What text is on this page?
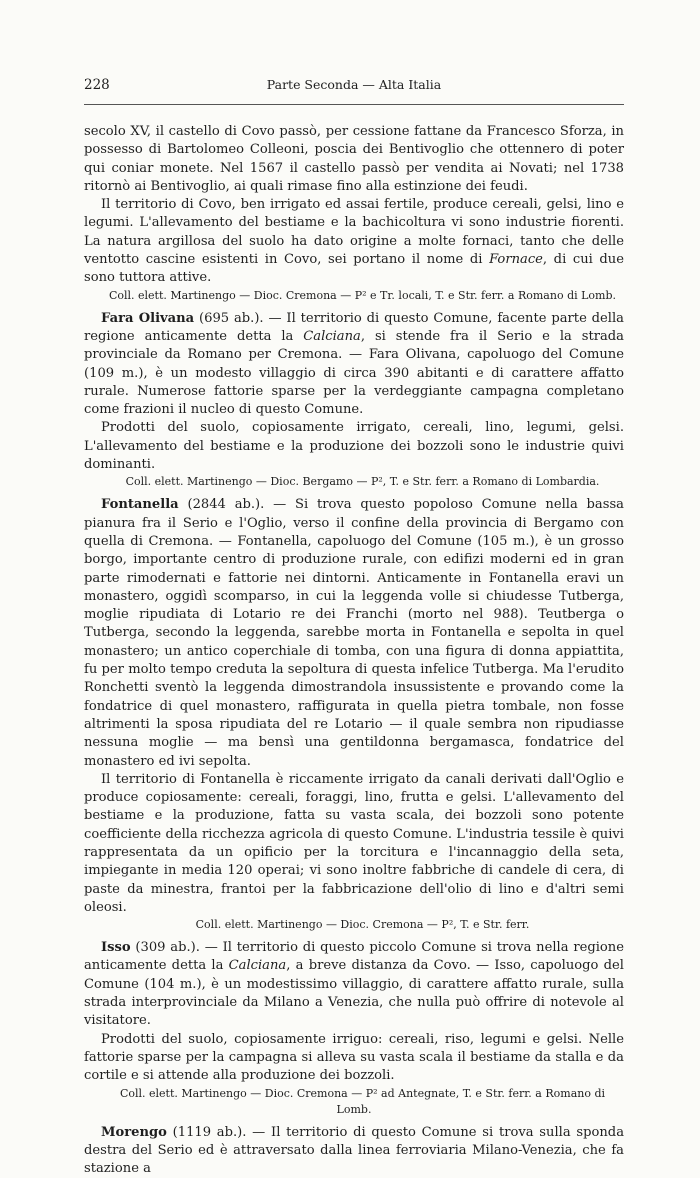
228	Parte Seconda — Alta Italia

secolo XV, il castello di Covo passò, per cessione fattane da Francesco Sforza, in possesso di Bartolomeo Colleoni, poscia dei Bentivoglio che ottennero di poter qui coniar monete. Nel 1567 il castello passò per vendita ai Novati; nel 1738 ritornò ai Bentivoglio, ai quali rimase fino alla estinzione dei feudi.

Il territorio di Covo, ben irrigato ed assai fertile, produce cereali, gelsi, lino e legumi. L'allevamento del bestiame e la bachicoltura vi sono industrie fiorenti. La natura argillosa del suolo ha dato origine a molte fornaci, tanto che delle ventotto cascine esistenti in Covo, sei portano il nome di Fornace, di cui due sono tuttora attive.

Coll. elett. Martinengo — Dioc. Cremona — P² e Tr. locali, T. e Str. ferr. a Romano di Lomb.

Fara Olivana (695 ab.). — Il territorio di questo Comune, facente parte della regione anticamente detta la Calciana, si stende fra il Serio e la strada provinciale da Romano per Cremona. — Fara Olivana, capoluogo del Comune (109 m.), è un modesto villaggio di circa 390 abitanti e di carattere affatto rurale. Numerose fattorie sparse per la verdeggiante campagna completano come frazioni il nucleo di questo Comune.

Prodotti del suolo, copiosamente irrigato, cereali, lino, legumi, gelsi. L'allevamento del bestiame e la produzione dei bozzoli sono le industrie quivi dominanti.

Coll. elett. Martinengo — Dioc. Bergamo — P², T. e Str. ferr. a Romano di Lombardia.

Fontanella (2844 ab.). — Si trova questo popoloso Comune nella bassa pianura fra il Serio e l'Oglio, verso il confine della provincia di Bergamo con quella di Cremona. — Fontanella, capoluogo del Comune (105 m.), è un grosso borgo, importante centro di produzione rurale, con edifizi moderni ed in gran parte rimodernati e fattorie nei dintorni. Anticamente in Fontanella eravi un monastero, oggidì scomparso, in cui la leggenda volle si chiudesse Tutberga, moglie ripudiata di Lotario re dei Franchi (morto nel 988). Teutberga o Tutberga, secondo la leggenda, sarebbe morta in Fontanella e sepolta in quel monastero; un antico coperchiale di tomba, con una figura di donna appiattita, fu per molto tempo creduta la sepoltura di questa infelice Tutberga. Ma l'erudito Ronchetti sventò la leggenda dimostrandola insussistente e provando come la fondatrice di quel monastero, raffigurata in quella pietra tombale, non fosse altrimenti la sposa ripudiata del re Lotario — il quale sembra non ripudiasse nessuna moglie — ma bensì una gentildonna bergamasca, fondatrice del monastero ed ivi sepolta.

Il territorio di Fontanella è riccamente irrigato da canali derivati dall'Oglio e produce copiosamente: cereali, foraggi, lino, frutta e gelsi. L'allevamento del bestiame e la produzione, fatta su vasta scala, dei bozzoli sono potente coefficiente della ricchezza agricola di questo Comune. L'industria tessile è quivi rappresentata da un opificio per la torcitura e l'incannaggio della seta, impiegante in media 120 operai; vi sono inoltre fabbriche di candele di cera, di paste da minestra, frantoi per la fabbricazione dell'olio di lino e d'altri semi oleosi.

Coll. elett. Martinengo — Dioc. Cremona — P², T. e Str. ferr.

Isso (309 ab.). — Il territorio di questo piccolo Comune si trova nella regione anticamente detta la Calciana, a breve distanza da Covo. — Isso, capoluogo del Comune (104 m.), è un modestissimo villaggio, di carattere affatto rurale, sulla strada interprovinciale da Milano a Venezia, che nulla può offrire di notevole al visitatore.

Prodotti del suolo, copiosamente irriguo: cereali, riso, legumi e gelsi. Nelle fattorie sparse per la campagna si alleva su vasta scala il bestiame da stalla e da cortile e si attende alla produzione dei bozzoli.

Coll. elett. Martinengo — Dioc. Cremona — P² ad Antegnate, T. e Str. ferr. a Romano di Lomb.

Morengo (1119 ab.). — Il territorio di questo Comune si trova sulla sponda destra del Serio ed è attraversato dalla linea ferroviaria Milano-Venezia, che fa stazione a
